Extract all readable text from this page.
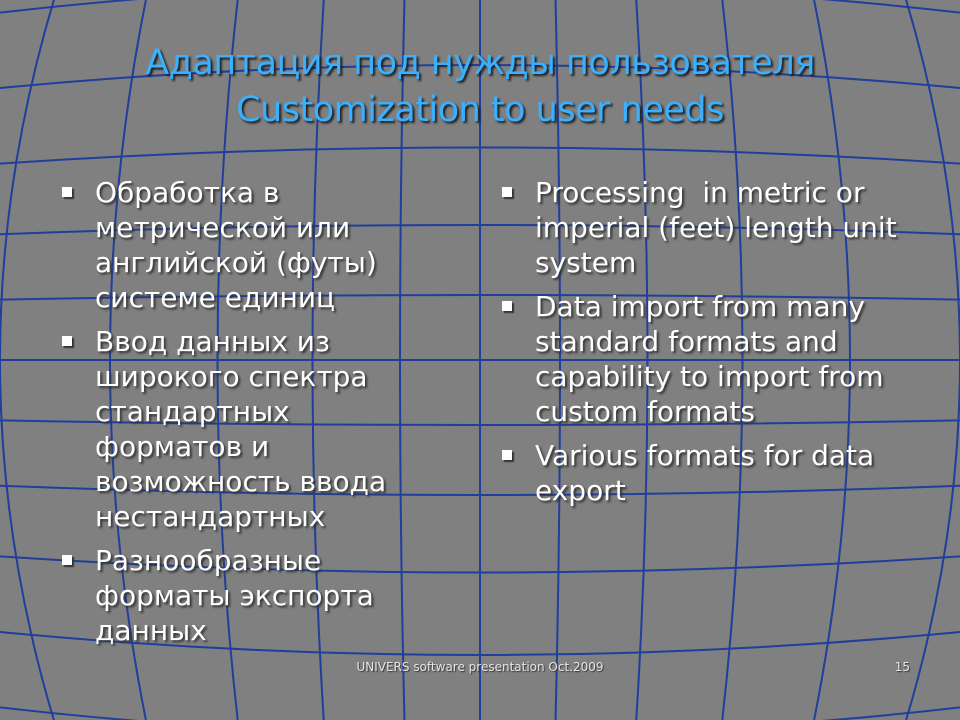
Адаптация под нужды пользователя
Customization to user needs
Обработка в метрической или английской (футы) системе единиц
Ввод данных из широкого спектра стандартных форматов и возможность ввода нестандартных
Разнообразные форматы экспорта данных
Processing  in metric or imperial (feet) length unit system
Data import from many standard formats and capability to import from custom formats
Various formats for data export
UNIVERS software presentation Oct.2009	15
